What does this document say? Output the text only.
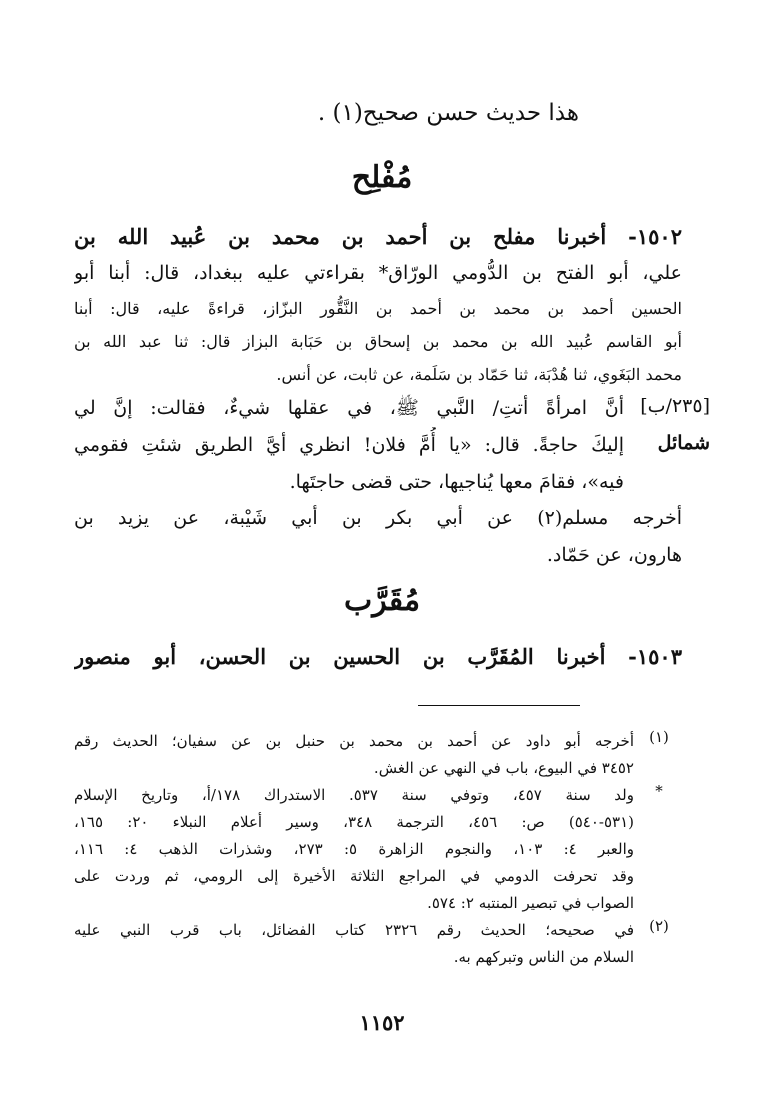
هذا حديث حسن صحيح(١) .
مُفْلِح
١٥٠٢- أخبرنا مفلح بن أحمد بن محمد بن عُبيد الله بن
علي، أبو الفتح بن الدُّومي الورّاق* بقراءتي عليه ببغداد، قال: أبنا أبو
الحسين أحمد بن محمد بن أحمد بن النَّقُّور البزّاز، قراءةً عليه، قال: أبنا
أبو القاسم عُبيد الله بن محمد بن إسحاق بن حَبَابة البزاز قال: ثنا عبد الله بن
محمد البَغَوي، ثنا هُدْبَة، ثنا حَمّاد بن سَلَمة، عن ثابت، عن أنس.
أنَّ امرأةً أتتِ/ النَّبي ﷺ، في عقلها شيءٌ، فقالت: إنَّ لي
إليكَ حاجةً. قال: «يا أُمَّ فلان! انظري أيَّ الطريق شئتِ فقومي
فيه»، فقامَ معها يُناجيها، حتى قضى حاجتَها.
[٢٣٥/ب]
شمائل
أخرجه مسلم(٢) عن أبي بكر بن أبي شَيْبة، عن يزيد بن
هارون، عن حَمّاد.
مُقَرَّب
١٥٠٣- أخبرنا المُقَرَّب بن الحسين بن الحسن، أبو منصور
(١)
أخرجه أبو داود عن أحمد بن محمد بن حنبل بن عن سفيان؛ الحديث رقم
٣٤٥٢ في البيوع، باب في النهي عن الغش.
*
ولد سنة ٤٥٧، وتوفي سنة ٥٣٧. الاستدراك ١٧٨/أ، وتاريخ الإسلام
(٥٣١-٥٤٠) ص: ٤٥٦، الترجمة ٣٤٨، وسير أعلام النبلاء ٢٠: ١٦٥،
والعبر ٤: ١٠٣، والنجوم الزاهرة ٥: ٢٧٣، وشذرات الذهب ٤: ١١٦،
وقد تحرفت الدومي في المراجع الثلاثة الأخيرة إلى الرومي، ثم وردت على
الصواب في تبصير المنتبه ٢: ٥٧٤.
(٢)
في صحيحه؛ الحديث رقم ٢٣٢٦ كتاب الفضائل، باب قرب النبي عليه
السلام من الناس وتبركهم به.
١١٥٢
